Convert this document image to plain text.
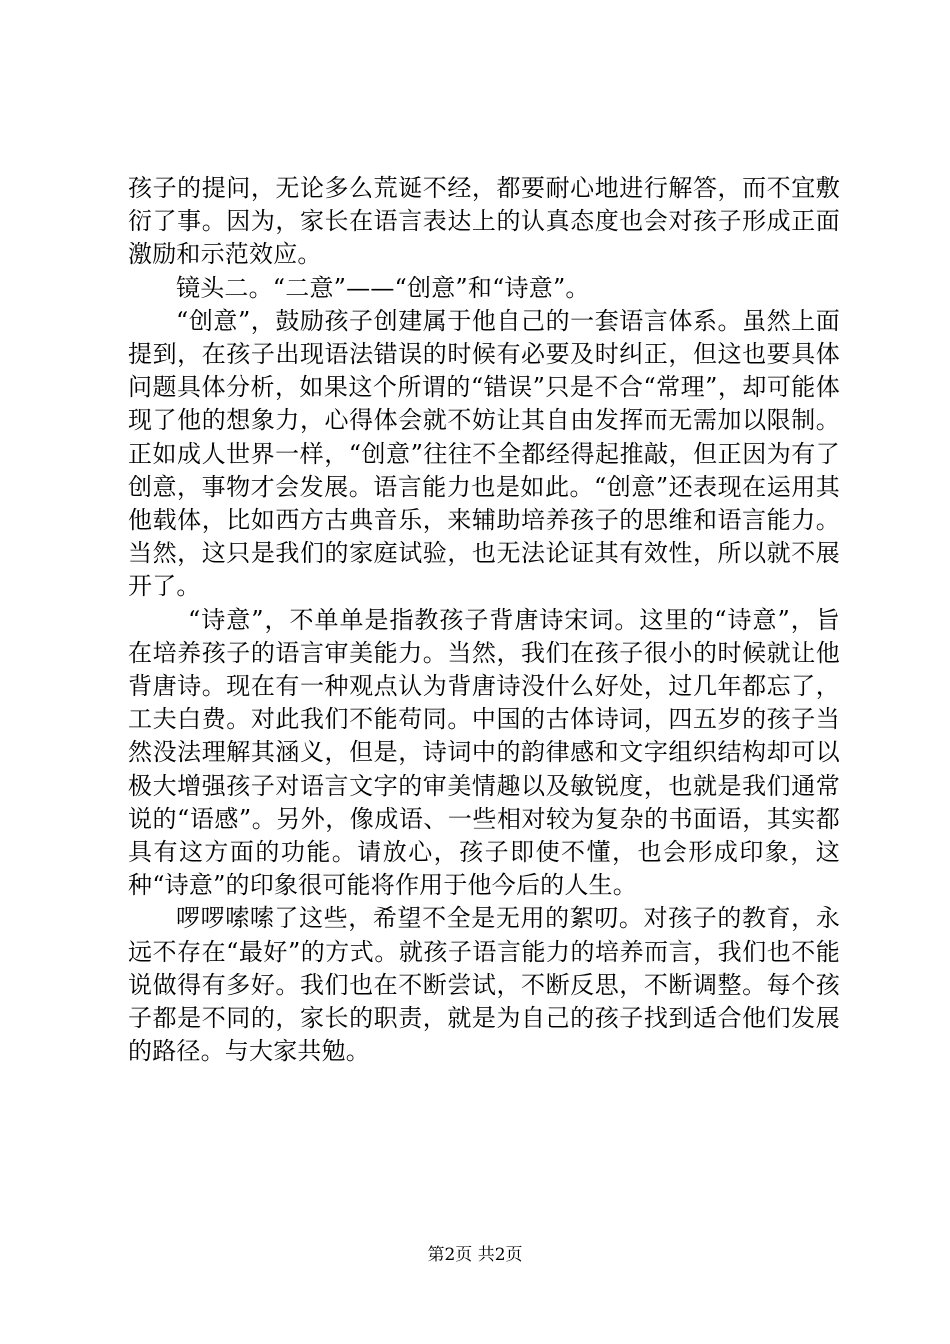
孩子的提问，无论多么荒诞不经，都要耐心地进行解答，而不宜敷衍了事。因为，家长在语言表达上的认真态度也会对孩子形成正面激励和示范效应。

镜头二。“二意”——“创意”和“诗意”。

“创意”，鼓励孩子创建属于他自己的一套语言体系。虽然上面提到，在孩子出现语法错误的时候有必要及时纠正，但这也要具体问题具体分析，如果这个所谓的“错误”只是不合“常理”，却可能体现了他的想象力，心得体会就不妨让其自由发挥而无需加以限制。正如成人世界一样，“创意”往往不全都经得起推敲，但正因为有了创意，事物才会发展。语言能力也是如此。“创意”还表现在运用其他载体，比如西方古典音乐，来辅助培养孩子的思维和语言能力。当然，这只是我们的家庭试验，也无法论证其有效性，所以就不展开了。

“诗意”，不单单是指教孩子背唐诗宋词。这里的“诗意”，旨在培养孩子的语言审美能力。当然，我们在孩子很小的时候就让他背唐诗。现在有一种观点认为背唐诗没什么好处，过几年都忘了，工夫白费。对此我们不能苟同。中国的古体诗词，四五岁的孩子当然没法理解其涵义，但是，诗词中的韵律感和文字组织结构却可以极大增强孩子对语言文字的审美情趣以及敏锐度，也就是我们通常说的“语感”。另外，像成语、一些相对较为复杂的书面语，其实都具有这方面的功能。请放心，孩子即使不懂，也会形成印象，这种“诗意”的印象很可能将作用于他今后的人生。

啰啰嗦嗦了这些，希望不全是无用的絮叨。对孩子的教育，永远不存在“最好”的方式。就孩子语言能力的培养而言，我们也不能说做得有多好。我们也在不断尝试，不断反思，不断调整。每个孩子都是不同的，家长的职责，就是为自己的孩子找到适合他们发展的路径。与大家共勉。

第2页 共2页
